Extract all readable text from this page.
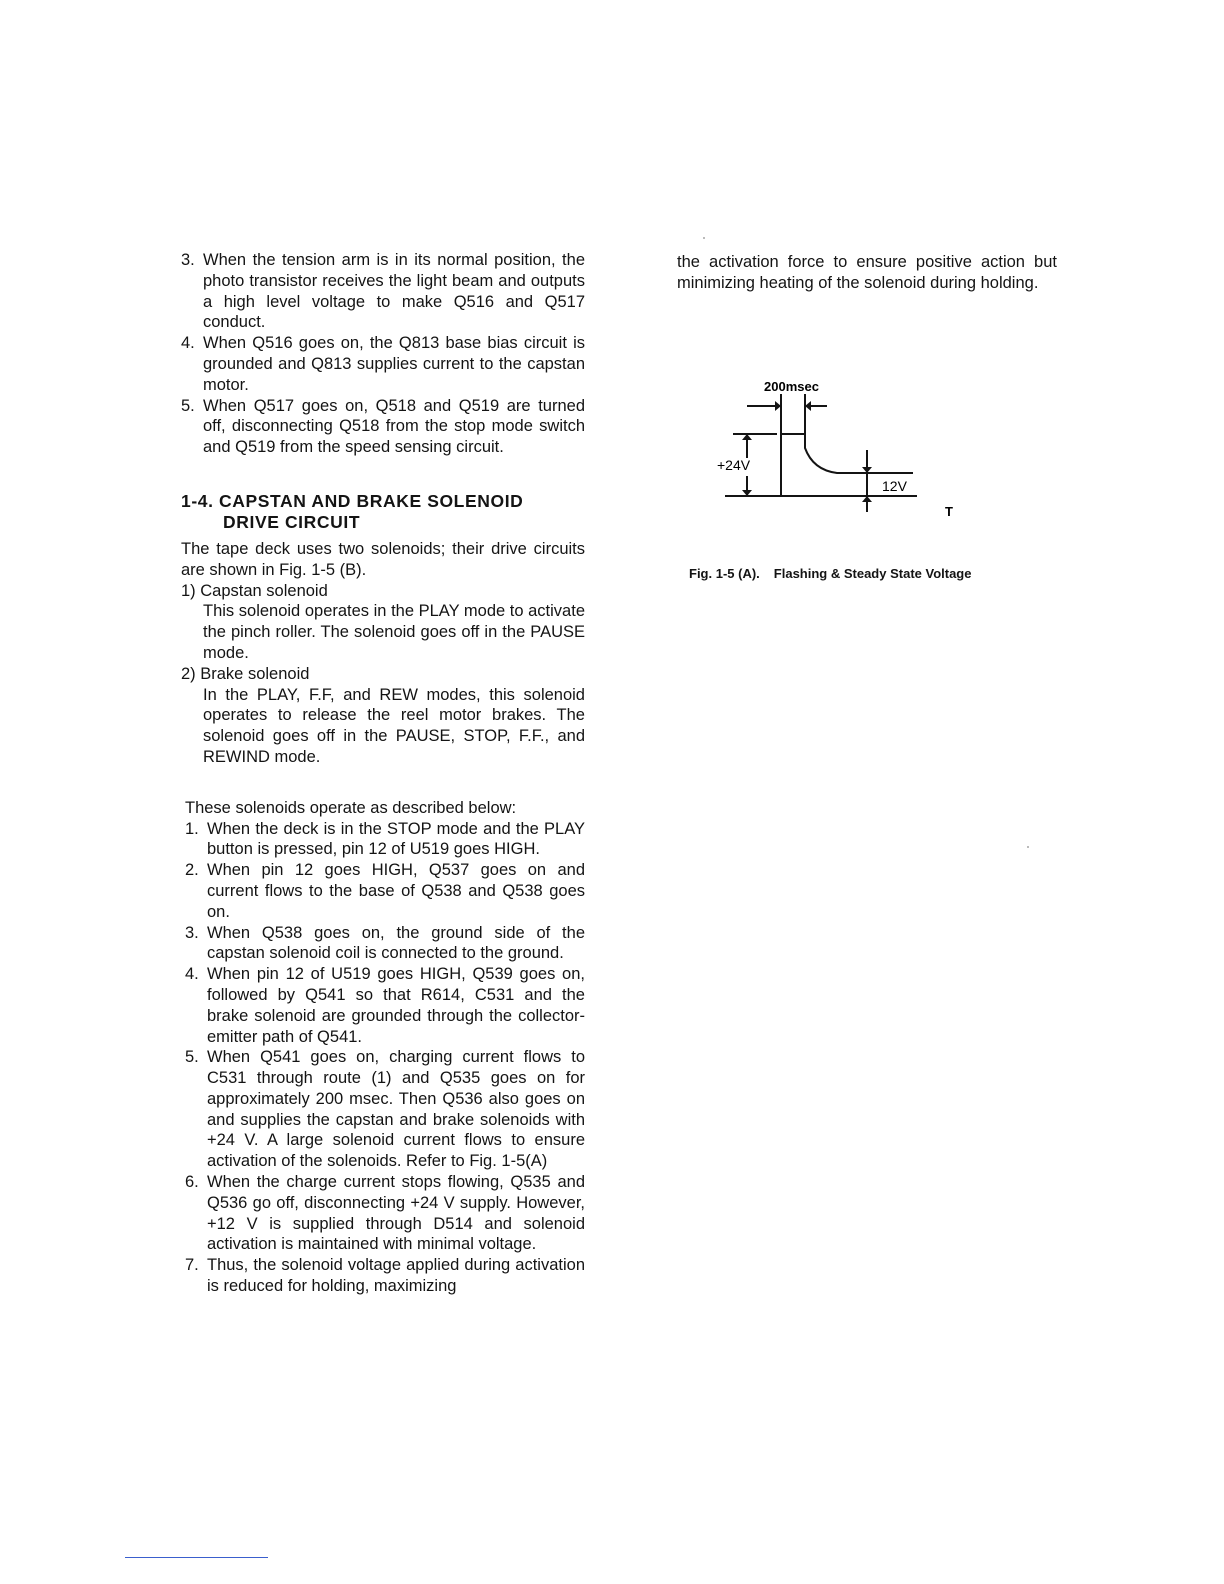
3. When the tension arm is in its normal position, the photo transistor receives the light beam and outputs a high level voltage to make Q516 and Q517 conduct.
4. When Q516 goes on, the Q813 base bias circuit is grounded and Q813 supplies current to the capstan motor.
5. When Q517 goes on, Q518 and Q519 are turned off, disconnecting Q518 from the stop mode switch and Q519 from the speed sensing circuit.
1-4. CAPSTAN AND BRAKE SOLENOID
DRIVE CIRCUIT

The tape deck uses two solenoids; their drive circuits are shown in Fig. 1-5 (B).

1) Capstan solenoid

This solenoid operates in the PLAY mode to activate the pinch roller. The solenoid goes off in the PAUSE mode.

2) Brake solenoid

In the PLAY, F.F, and REW modes, this solenoid operates to release the reel motor brakes. The solenoid goes off in the PAUSE, STOP, F.F., and REWIND mode.

These solenoids operate as described below:

1. When the deck is in the STOP mode and the PLAY button is pressed, pin 12 of U519 goes HIGH.
2. When pin 12 goes HIGH, Q537 goes on and current flows to the base of Q538 and Q538 goes on.
3. When Q538 goes on, the ground side of the capstan solenoid coil is connected to the ground.
4. When pin 12 of U519 goes HIGH, Q539 goes on, followed by Q541 so that R614, C531 and the brake solenoid are grounded through the collector-emitter path of Q541.
5. When Q541 goes on, charging current flows to C531 through route (1) and Q535 goes on for approximately 200 msec. Then Q536 also goes on and supplies the capstan and brake solenoids with +24 V. A large solenoid current flows to ensure activation of the solenoids. Refer to Fig. 1-5(A)
6. When the charge current stops flowing, Q535 and Q536 go off, disconnecting +24 V supply. However, +12 V is supplied through D514 and solenoid activation is maintained with minimal voltage.
7. Thus, the solenoid voltage applied during activation is reduced for holding, maximizing

the activation force to ensure positive action but minimizing heating of the solenoid during holding.

200msec
+24V
12V
T
Fig. 1-5 (A). Flashing & Steady State Voltage
